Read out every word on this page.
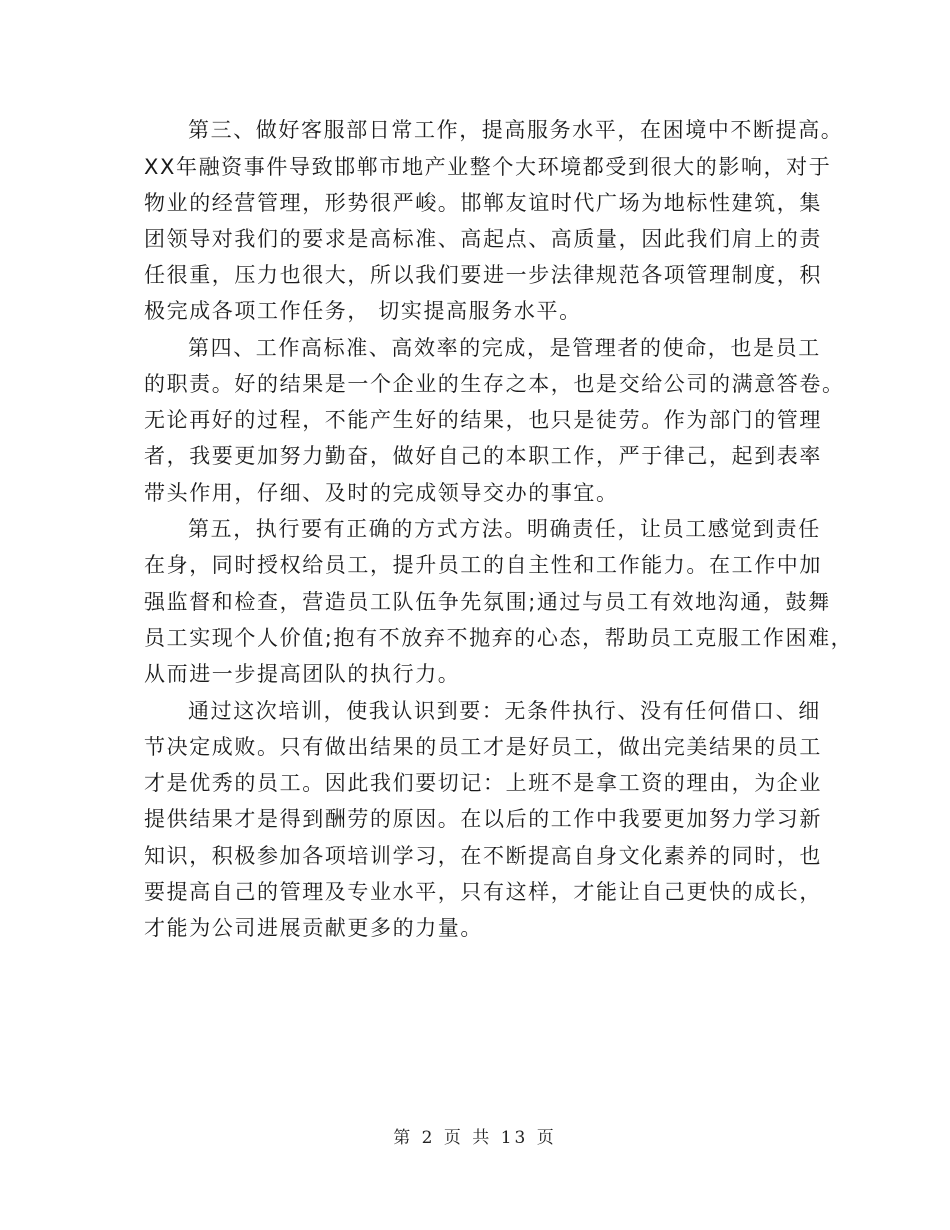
第三、做好客服部日常工作，提高服务水平，在困境中不断提高。
XX年融资事件导致邯郸市地产业整个大环境都受到很大的影响，对于
物业的经营管理，形势很严峻。邯郸友谊时代广场为地标性建筑，集
团领导对我们的要求是高标准、高起点、高质量，因此我们肩上的责
任很重，压力也很大，所以我们要进一步法律规范各项管理制度，积
极完成各项工作任务， 切实提高服务水平。
第四、工作高标准、高效率的完成，是管理者的使命，也是员工
的职责。好的结果是一个企业的生存之本，也是交给公司的满意答卷。
无论再好的过程，不能产生好的结果，也只是徒劳。作为部门的管理
者，我要更加努力勤奋，做好自己的本职工作，严于律己，起到表率
带头作用，仔细、及时的完成领导交办的事宜。
第五，执行要有正确的方式方法。明确责任，让员工感觉到责任
在身，同时授权给员工，提升员工的自主性和工作能力。在工作中加
强监督和检查，营造员工队伍争先氛围;通过与员工有效地沟通，鼓舞
员工实现个人价值;抱有不放弃不抛弃的心态，帮助员工克服工作困难，
从而进一步提高团队的执行力。
通过这次培训，使我认识到要：无条件执行、没有任何借口、细
节决定成败。只有做出结果的员工才是好员工，做出完美结果的员工
才是优秀的员工。因此我们要切记：上班不是拿工资的理由，为企业
提供结果才是得到酬劳的原因。在以后的工作中我要更加努力学习新
知识，积极参加各项培训学习，在不断提高自身文化素养的同时，也
要提高自己的管理及专业水平，只有这样，才能让自己更快的成长，
才能为公司进展贡献更多的力量。
第 2 页 共 13 页
